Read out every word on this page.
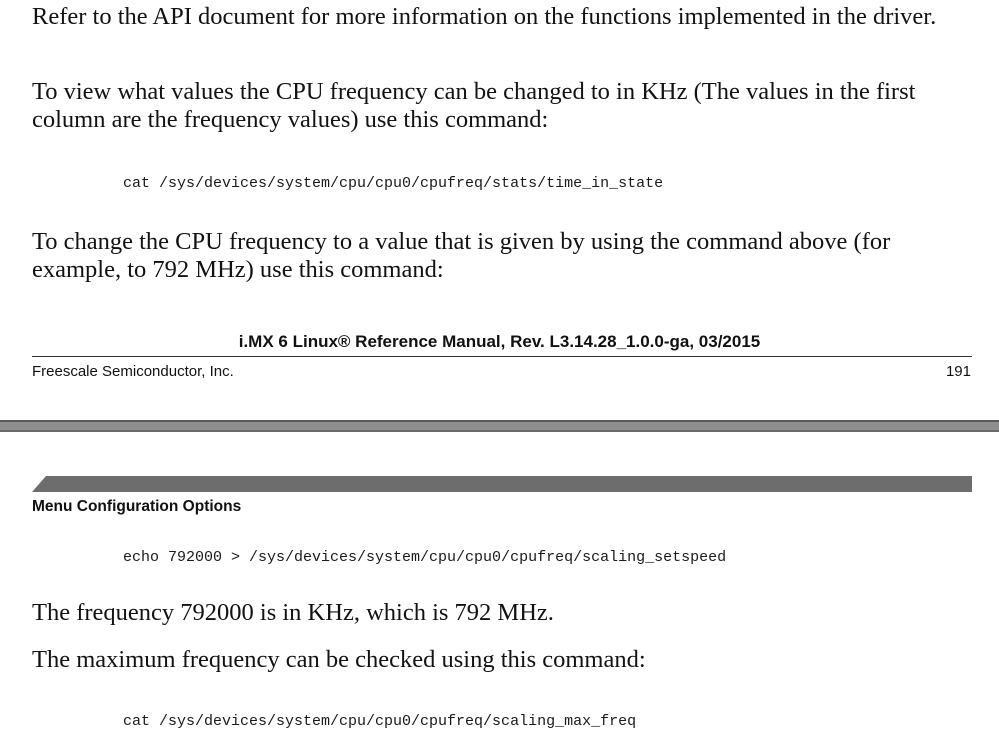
Refer to the API document for more information on the functions implemented in the driver.

To view what values the CPU frequency can be changed to in KHz (The values in the first column are the frequency values) use this command:

cat /sys/devices/system/cpu/cpu0/cpufreq/stats/time_in_state

To change the CPU frequency to a value that is given by using the command above (for example, to 792 MHz) use this command:

i.MX 6 Linux® Reference Manual, Rev. L3.14.28_1.0.0-ga, 03/2015
Freescale Semiconductor, Inc.	191
Menu Configuration Options

echo 792000 > /sys/devices/system/cpu/cpu0/cpufreq/scaling_setspeed

The frequency 792000 is in KHz, which is 792 MHz.

The maximum frequency can be checked using this command:

cat /sys/devices/system/cpu/cpu0/cpufreq/scaling_max_freq
